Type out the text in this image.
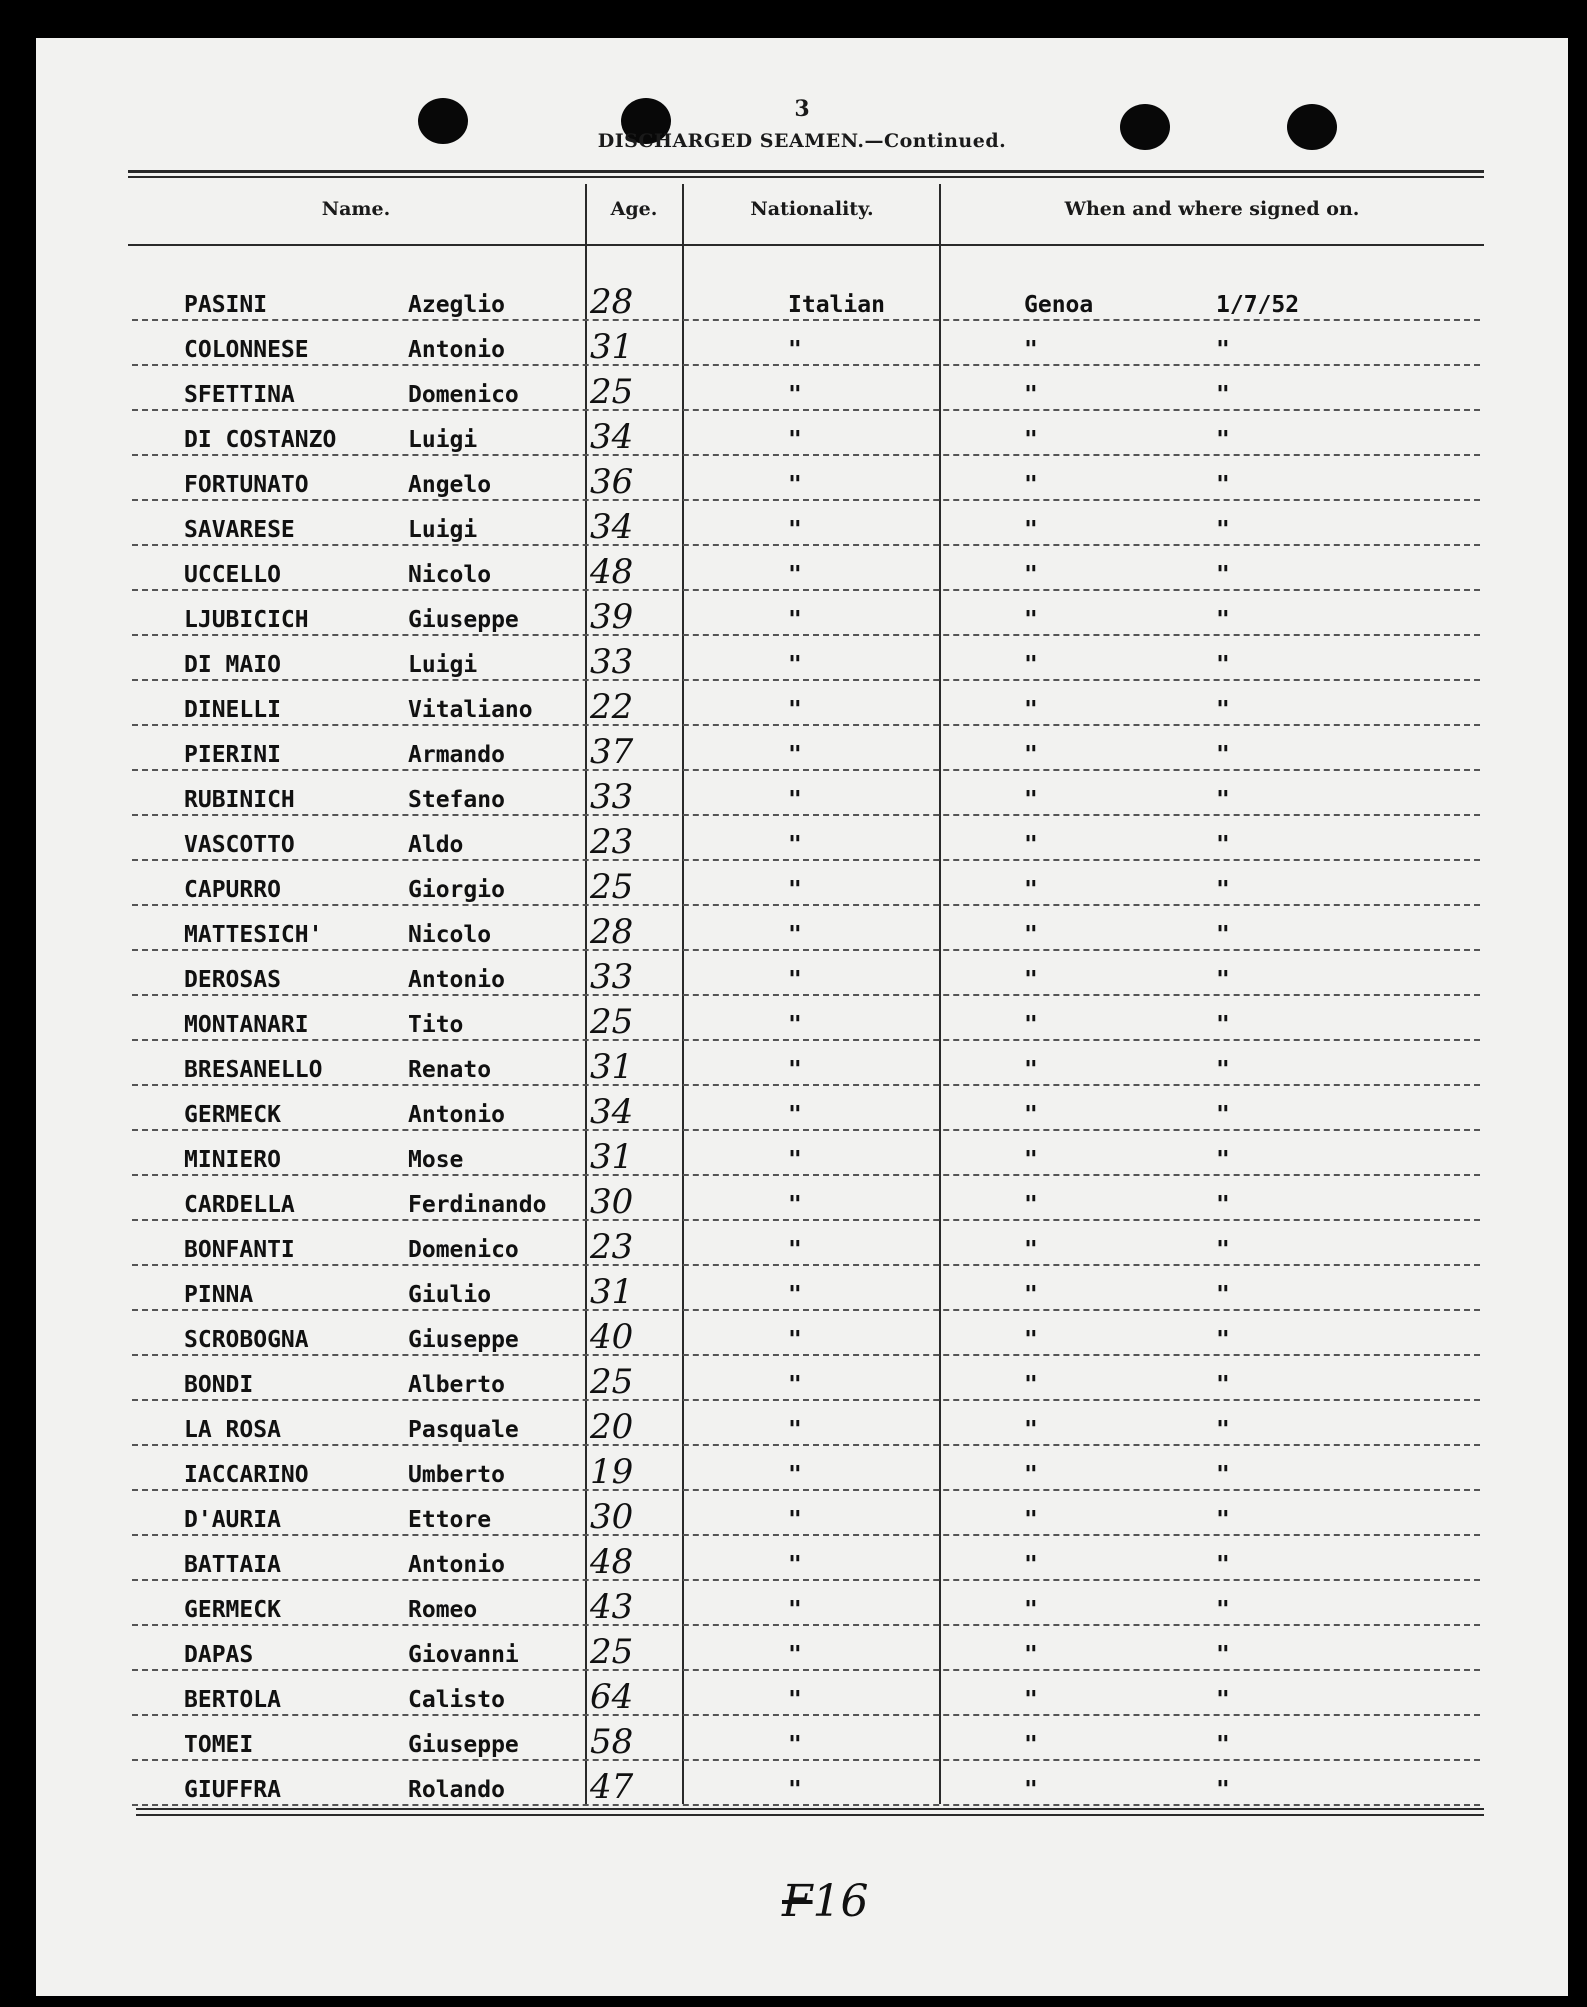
3
DISCHARGED SEAMEN.—Continued.
Name.	Age.	Nationality.	When and where signed on.
PASINI	Azeglio	28	Italian	Genoa	1/7/52
COLONNESE	Antonio	31	"	"	"
SFETTINA	Domenico 25	"	"	"
DI COSTANZO	Luigi	34	"	"	"
FORTUNATO	Angelo	36	"	"	"
SAVARESE	Luigi	34	"	"	"
UCCELLO	Nicolo	48	"	"	"
LJUBICICH	Giuseppe 39	"	"	"
DI MAIO	Luigi	33	"	"	"
DINELLI	Vitaliano 22	"	"	"
PIERINI	Armando	37	"	"	"
RUBINICH	Stefano	33	"	"	"
VASCOTTO	Aldo	23	"	"	"
CAPURRO	Giorgio	25	"	"	"
MATTESICH'	Nicolo	28	"	"	"
DEROSAS	Antonio	33	"	"	"
MONTANARI	Tito	25	"	"	"
BRESANELLO	Renato	31	"	"	"
GERMECK	Antonio	34	"	"	"
MINIERO	Mose	31	"	"	"
CARDELLA	Ferdinando 30	"	"	"
BONFANTI	Domenico 23	"	"	"
PINNA	Giulio	31	"	"	"
SCROBOGNA	Giuseppe 40	"	"	"
BONDI	Alberto	25	"	"	"
LA ROSA	Pasquale 20	"	"	"
IACCARINO	Umberto	19	"	"	"
D'AURIA	Ettore	30	"	"	"
BATTAIA	Antonio	48	"	"	"
GERMECK	Romeo	43	"	"	"
DAPAS	Giovanni 25	"	"	"
BERTOLA	Calisto	64	"	"	"
TOMEI	Giuseppe 58	"	"	"
GIUFFRA	Rolando	47	"	"	"
F16
